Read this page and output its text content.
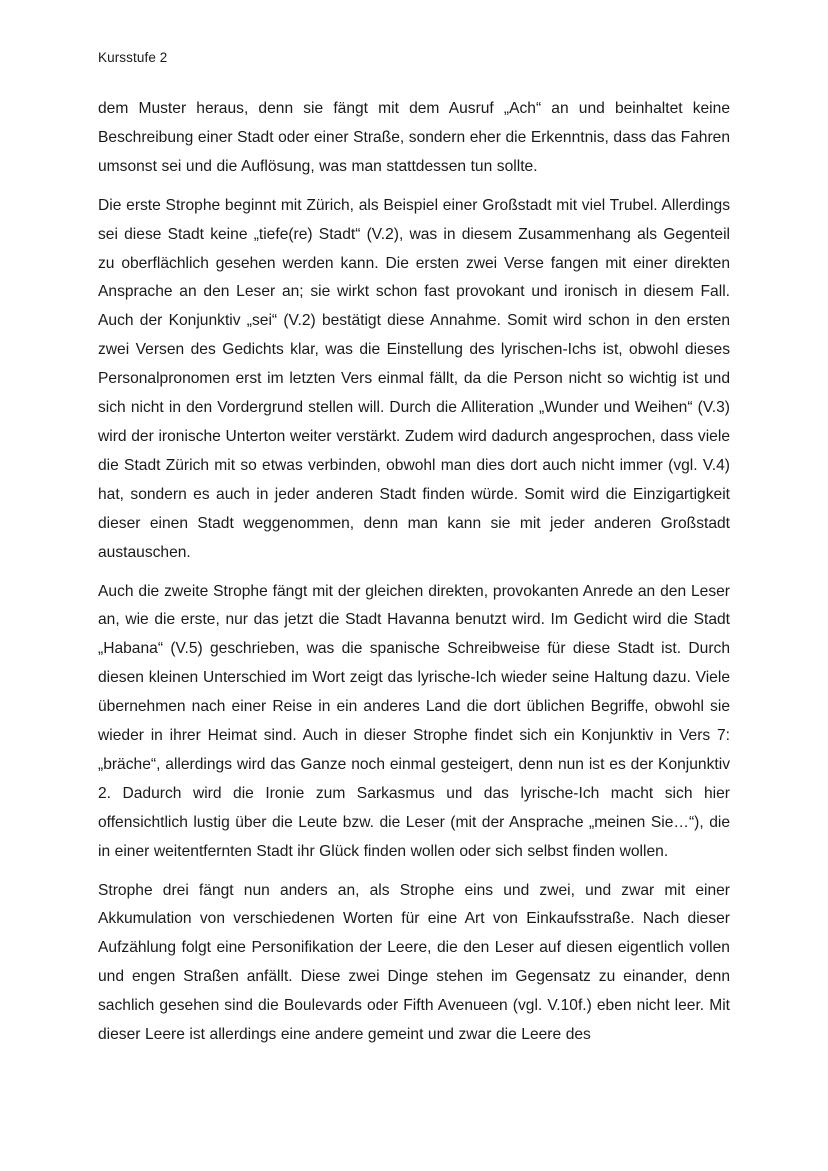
Kursstufe 2

dem Muster heraus, denn sie fängt mit dem Ausruf „Ach“ an und beinhaltet keine Beschreibung einer Stadt oder einer Straße, sondern eher die Erkenntnis, dass das Fahren umsonst sei und die Auflösung, was man stattdessen tun sollte.

Die erste Strophe beginnt mit Zürich, als Beispiel einer Großstadt mit viel Trubel. Allerdings sei diese Stadt keine „tiefe(re) Stadt“ (V.2), was in diesem Zusammenhang als Gegenteil zu oberflächlich gesehen werden kann. Die ersten zwei Verse fangen mit einer direkten Ansprache an den Leser an; sie wirkt schon fast provokant und ironisch in diesem Fall. Auch der Konjunktiv „sei“ (V.2) bestätigt diese Annahme. Somit wird schon in den ersten zwei Versen des Gedichts klar, was die Einstellung des lyrischen-Ichs ist, obwohl dieses Personalpronomen erst im letzten Vers einmal fällt, da die Person nicht so wichtig ist und sich nicht in den Vordergrund stellen will. Durch die Alliteration „Wunder und Weihen“ (V.3) wird der ironische Unterton weiter verstärkt. Zudem wird dadurch angesprochen, dass viele die Stadt Zürich mit so etwas verbinden, obwohl man dies dort auch nicht immer (vgl. V.4) hat, sondern es auch in jeder anderen Stadt finden würde. Somit wird die Einzigartigkeit dieser einen Stadt weggenommen, denn man kann sie mit jeder anderen Großstadt austauschen.

Auch die zweite Strophe fängt mit der gleichen direkten, provokanten Anrede an den Leser an, wie die erste, nur das jetzt die Stadt Havanna benutzt wird. Im Gedicht wird die Stadt „Habana“ (V.5) geschrieben, was die spanische Schreibweise für diese Stadt ist. Durch diesen kleinen Unterschied im Wort zeigt das lyrische-Ich wieder seine Haltung dazu. Viele übernehmen nach einer Reise in ein anderes Land die dort üblichen Begriffe, obwohl sie wieder in ihrer Heimat sind. Auch in dieser Strophe findet sich ein Konjunktiv in Vers 7: „bräche“, allerdings wird das Ganze noch einmal gesteigert, denn nun ist es der Konjunktiv 2. Dadurch wird die Ironie zum Sarkasmus und das lyrische-Ich macht sich hier offensichtlich lustig über die Leute bzw. die Leser (mit der Ansprache „meinen Sie…“), die in einer weitentfernten Stadt ihr Glück finden wollen oder sich selbst finden wollen.

Strophe drei fängt nun anders an, als Strophe eins und zwei, und zwar mit einer Akkumulation von verschiedenen Worten für eine Art von Einkaufsstraße. Nach dieser Aufzählung folgt eine Personifikation der Leere, die den Leser auf diesen eigentlich vollen und engen Straßen anfällt. Diese zwei Dinge stehen im Gegensatz zu einander, denn sachlich gesehen sind die Boulevards oder Fifth Avenueen (vgl. V.10f.) eben nicht leer. Mit dieser Leere ist allerdings eine andere gemeint und zwar die Leere des
